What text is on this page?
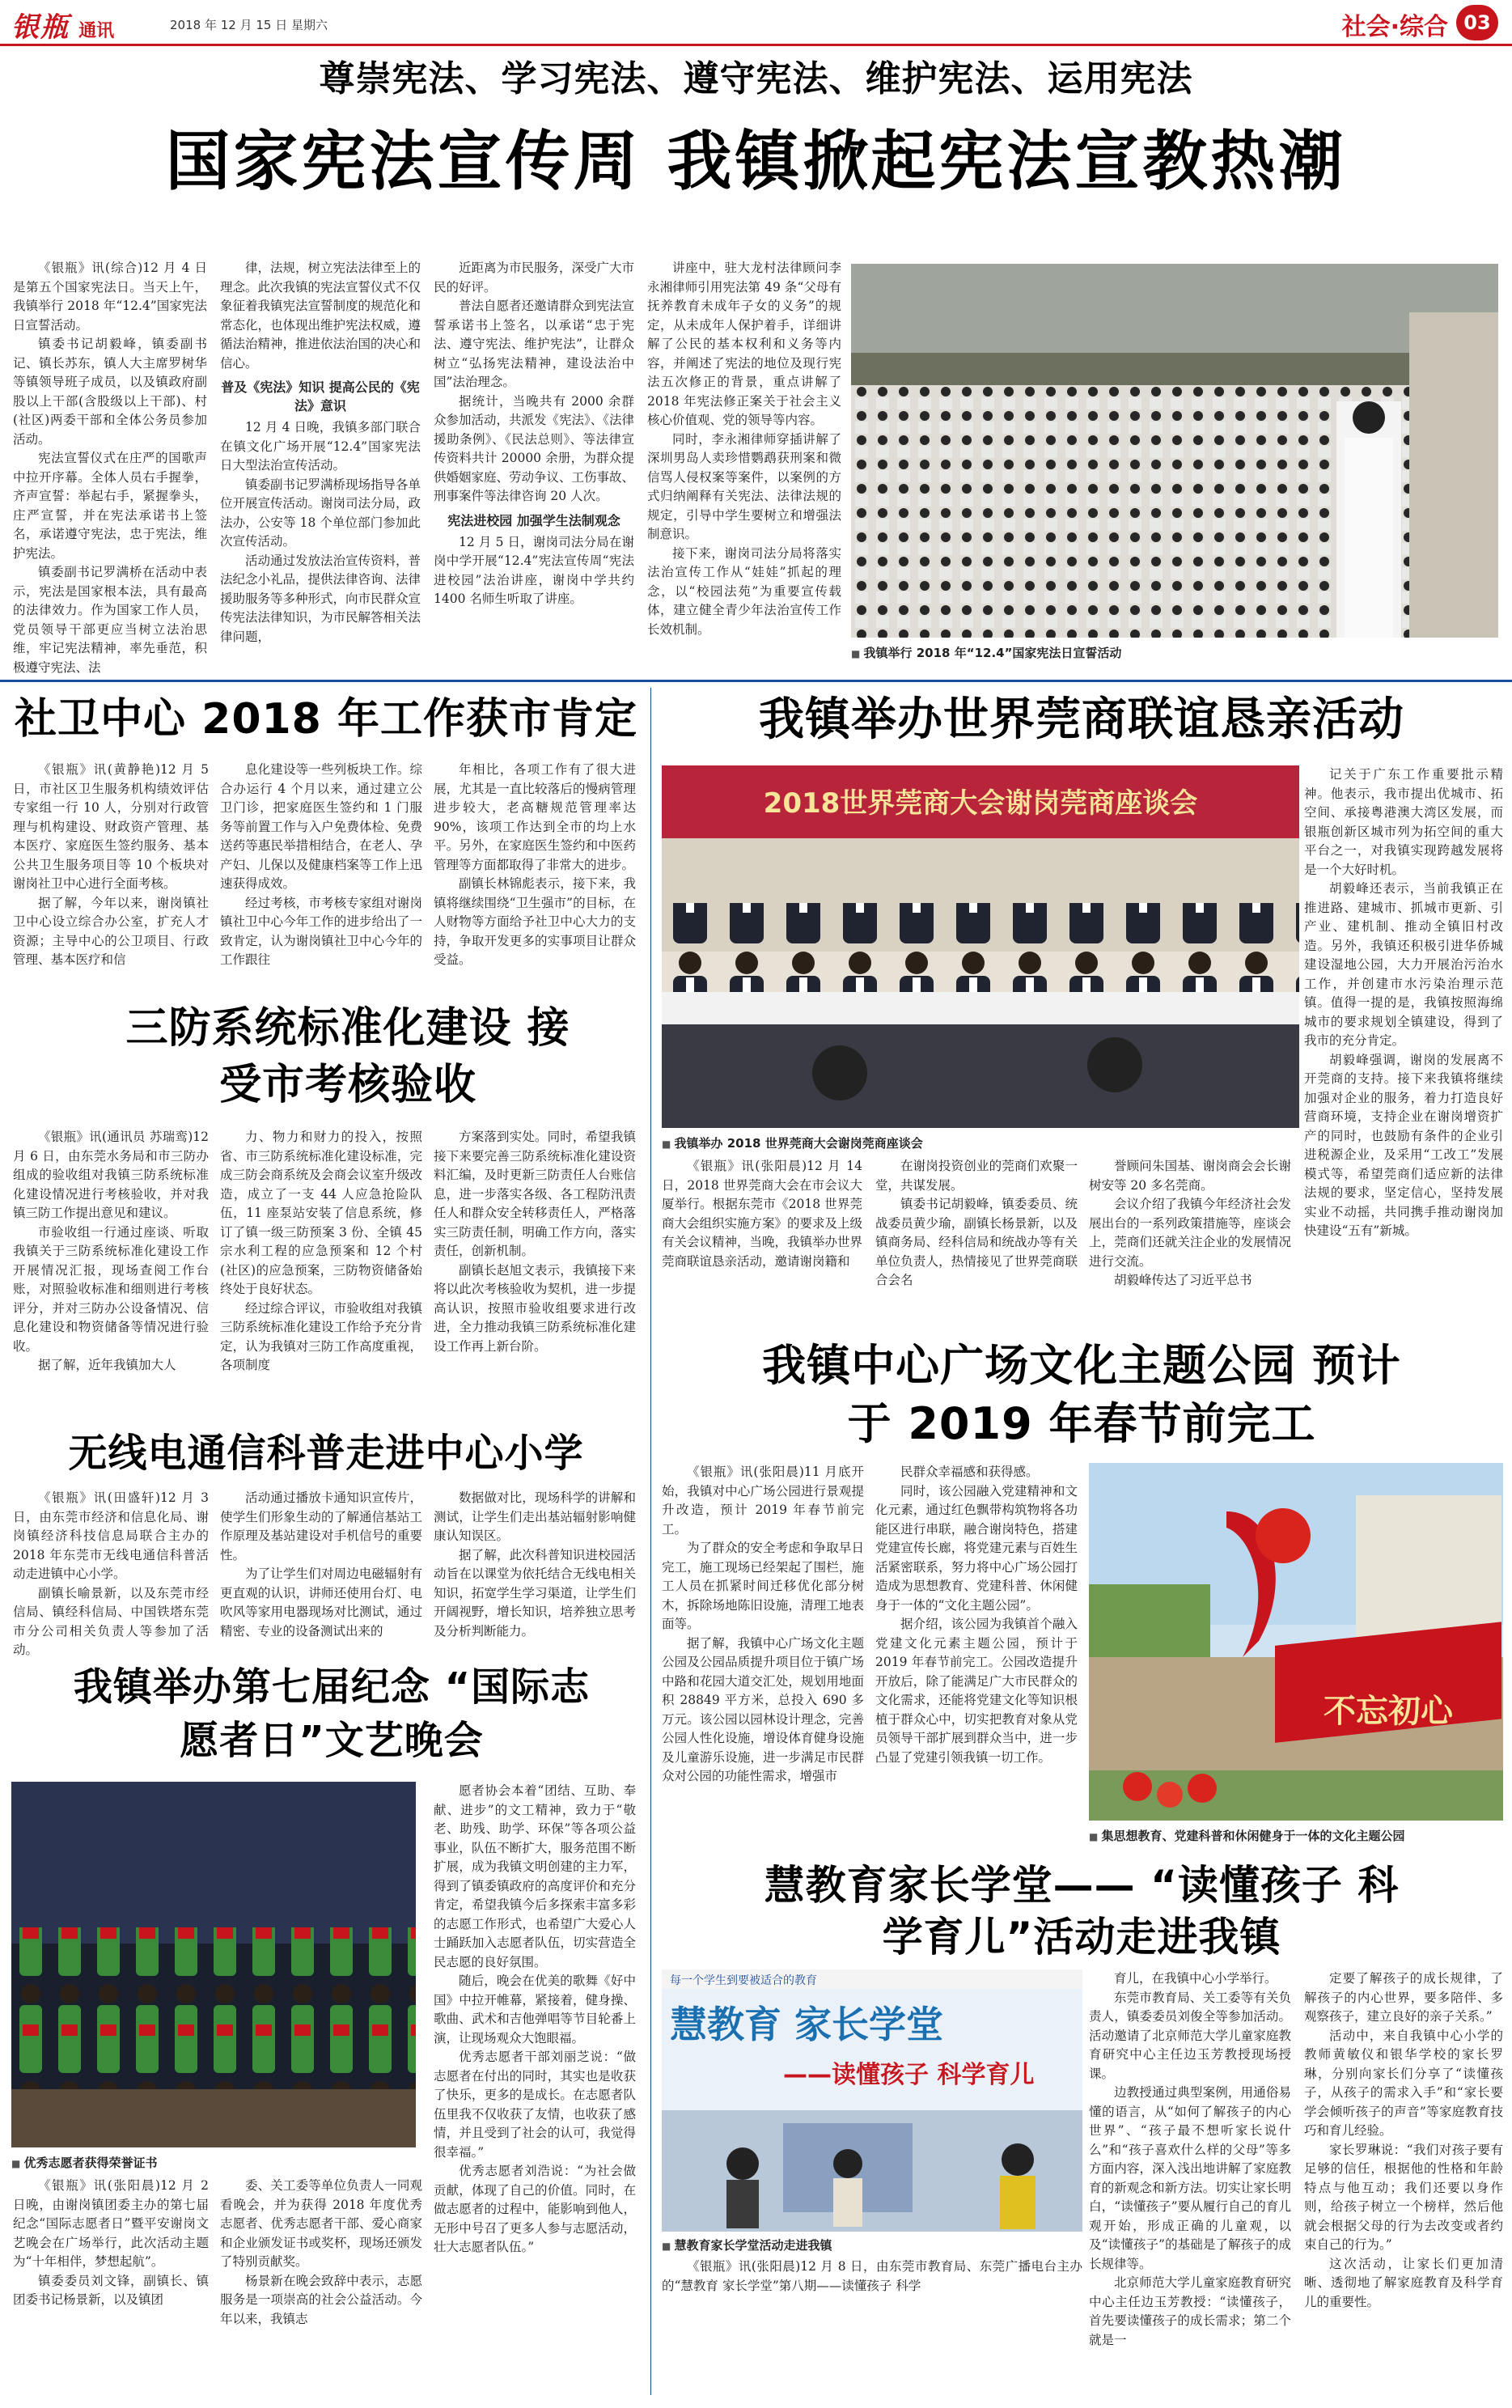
银瓶 通讯	2018 年 12 月 15 日 星期六	社会·综合 03
尊崇宪法、学习宪法、遵守宪法、维护宪法、运用宪法
国家宪法宣传周 我镇掀起宪法宣教热潮

《银瓶》讯(综合)12 月 4 日是第五个国家宪法日。当天上午，我镇举行 2018 年“12.4”国家宪法日宣誓活动。

镇委书记胡毅峰，镇委副书记、镇长苏东，镇人大主席罗树华等镇领导班子成员，以及镇政府副股以上干部(含股级以上干部)、村(社区)两委干部和全体公务员参加活动。

宪法宣誓仪式在庄严的国歌声中拉开序幕。全体人员右手握拳，齐声宣誓：举起右手，紧握拳头，庄严宣誓，并在宪法承诺书上签名，承诺遵守宪法，忠于宪法，维护宪法。

镇委副书记罗满桥在活动中表示，宪法是国家根本法，具有最高的法律效力。作为国家工作人员，党员领导干部更应当树立法治思维，牢记宪法精神，率先垂范，积极遵守宪法、法

律，法规，树立宪法法律至上的理念。此次我镇的宪法宣誓仪式不仅象征着我镇宪法宣誓制度的规范化和常态化，也体现出维护宪法权威，遵循法治精神，推进依法治国的决心和信心。

普及《宪法》知识 提高公民的《宪法》意识

12 月 4 日晚，我镇多部门联合在镇文化广场开展“12.4”国家宪法日大型法治宣传活动。

镇委副书记罗满桥现场指导各单位开展宣传活动。谢岗司法分局，政法办，公安等 18 个单位部门参加此次宣传活动。

活动通过发放法治宣传资料，普法纪念小礼品，提供法律咨询、法律援助服务等多种形式，向市民群众宣传宪法法律知识，为市民解答相关法律问题，

近距离为市民服务，深受广大市民的好评。

普法自愿者还邀请群众到宪法宣誓承诺书上签名，以承诺“忠于宪法、遵守宪法、维护宪法”，让群众树立“弘扬宪法精神，建设法治中国”法治理念。

据统计，当晚共有 2000 余群众参加活动，共派发《宪法》、《法律援助条例》、《民法总则》、等法律宣传资料共计 20000 余册，为群众提供婚姻家庭、劳动争议、工伤事故、刑事案件等法律咨询 20 人次。

宪法进校园 加强学生法制观念

12 月 5 日，谢岗司法分局在谢岗中学开展“12.4”宪法宣传周“宪法进校园”法治讲座，谢岗中学共约 1400 名师生听取了讲座。

讲座中，驻大龙村法律顾问李永湘律师引用宪法第 49 条“父母有抚养教育未成年子女的义务”的规定，从未成年人保护着手，详细讲解了公民的基本权利和义务等内容，并阐述了宪法的地位及现行宪法五次修正的背景，重点讲解了 2018 年宪法修正案关于社会主义核心价值观、党的领导等内容。

同时，李永湘律师穿插讲解了深圳男岛人卖珍惜鹦鹉获刑案和微信骂人侵权案等案件，以案例的方式归纳阐释有关宪法、法律法规的规定，引导中学生要树立和增强法制意识。

接下来，谢岗司法分局将落实法治宣传工作从“娃娃”抓起的理念，以“校园法苑”为重要宣传载体，建立健全青少年法治宣传工作长效机制。

■ 我镇举行 2018 年“12.4”国家宪法日宣誓活动
社卫中心 2018 年工作获市肯定

《银瓶》讯(黄静艳)12 月 5 日，市社区卫生服务机构绩效评估专家组一行 10 人，分别对行政管理与机构建设、财政资产管理、基本医疗、家庭医生签约服务、基本公共卫生服务项目等 10 个板块对谢岗社卫中心进行全面考核。

据了解，今年以来，谢岗镇社卫中心设立综合办公室，扩充人才资源；主导中心的公卫项目、行政管理、基本医疗和信

息化建设等一些列板块工作。综合办运行 4 个月以来，通过建立公卫门诊，把家庭医生签约和 1 门服务等前置工作与入户免费体检、免费送药等惠民举措相结合，在老人、孕产妇、儿保以及健康档案等工作上迅速获得成效。

经过考核，市考核专家组对谢岗镇社卫中心今年工作的进步给出了一致肯定，认为谢岗镇社卫中心今年的工作跟往

年相比，各项工作有了很大进展，尤其是一直比较落后的慢病管理进步较大，老高糖规范管理率达 90%，该项工作达到全市的均上水平。另外，在家庭医生签约和中医药管理等方面都取得了非常大的进步。

副镇长林锦彪表示，接下来，我镇将继续围绕“卫生强市”的目标，在人财物等方面给予社卫中心大力的支持，争取开发更多的实事项目让群众受益。

三防系统标准化建设 接受市考核验收

《银瓶》讯(通讯员 苏瑞鸾)12 月 6 日，由东莞水务局和市三防办组成的验收组对我镇三防系统标准化建设情况进行考核验收，并对我镇三防工作提出意见和建议。

市验收组一行通过座谈、听取我镇关于三防系统标准化建设工作开展情况汇报，现场查阅工作台账，对照验收标准和细则进行考核评分，并对三防办公设备情况、信息化建设和物资储备等情况进行验收。

据了解，近年我镇加大人

力、物力和财力的投入，按照省、市三防系统标准化建设标准，完成三防会商系统及会商会议室升级改造，成立了一支 44 人应急抢险队伍，11 座泵站安装了信息系统，修订了镇一级三防预案 3 份、全镇 45 宗水利工程的应急预案和 12 个村(社区)的应急预案，三防物资储备始终处于良好状态。

经过综合评议，市验收组对我镇三防系统标准化建设工作给予充分肯定，认为我镇对三防工作高度重视，各项制度

方案落到实处。同时，希望我镇接下来要完善三防系统标准化建设资料汇编，及时更新三防责任人台账信息，进一步落实各级、各工程防汛责任人和群众安全转移责任人，严格落实三防责任制，明确工作方向，落实责任，创新机制。

副镇长赵旭文表示，我镇接下来将以此次考核验收为契机，进一步提高认识，按照市验收组要求进行改进，全力推动我镇三防系统标准化建设工作再上新台阶。

无线电通信科普走进中心小学

《银瓶》讯(田盛轩)12 月 3 日，由东莞市经济和信息化局、谢岗镇经济科技信息局联合主办的 2018 年东莞市无线电通信科普活动走进镇中心小学。

副镇长喻景新，以及东莞市经信局、镇经科信局、中国铁塔东莞市分公司相关负责人等参加了活动。

活动通过播放卡通知识宣传片，使学生们形象生动的了解通信基站工作原理及基站建设对手机信号的重要性。

为了让学生们对周边电磁辐射有更直观的认识，讲师还使用台灯、电吹风等家用电器现场对比测试，通过精密、专业的设备测试出来的

数据做对比，现场科学的讲解和测试，让学生们走出基站辐射影响健康认知误区。

据了解，此次科普知识进校园活动旨在以课堂为依托结合无线电相关知识，拓宽学生学习渠道，让学生们开阔视野，增长知识，培养独立思考及分析判断能力。

我镇举办第七届纪念 “国际志愿者日”文艺晚会
■ 优秀志愿者获得荣誉证书

《银瓶》讯(张阳晨)12 月 2 日晚，由谢岗镇团委主办的第七届纪念“国际志愿者日”暨平安谢岗文艺晚会在广场举行，此次活动主题为“十年相伴，梦想起航”。

镇委委员刘文锋，副镇长、镇团委书记杨景新，以及镇团

委、关工委等单位负责人一同观看晚会，并为获得 2018 年度优秀志愿者、优秀志愿者干部、爱心商家和企业颁发证书或奖杯，现场还颁发了特别贡献奖。

杨景新在晚会致辞中表示，志愿服务是一项崇高的社会公益活动。今年以来，我镇志

愿者协会本着“团结、互助、奉献、进步”的文工精神，致力于“敬老、助残、助学、环保”等各项公益事业，队伍不断扩大，服务范围不断扩展，成为我镇文明创建的主力军，得到了镇委镇政府的高度评价和充分肯定，希望我镇今后多探索丰富多彩的志愿工作形式，也希望广大爱心人士踊跃加入志愿者队伍，切实营造全民志愿的良好氛围。

随后，晚会在优美的歌舞《好中国》中拉开帷幕，紧接着，健身操、歌曲、武术和吉他弹唱等节目轮番上演，让现场观众大饱眼福。

优秀志愿者干部刘丽芝说：“做志愿者在付出的同时，其实也是收获了快乐，更多的是成长。在志愿者队伍里我不仅收获了友情，也收获了感情，并且受到了社会的认可，我觉得很幸福。”

优秀志愿者刘浩说：“为社会做贡献，体现了自己的价值。同时，在做志愿者的过程中，能影响到他人，无形中号召了更多人参与志愿活动，壮大志愿者队伍。”

我镇举办世界莞商联谊恳亲活动
2018世界莞商大会谢岗莞商座谈会
■ 我镇举办 2018 世界莞商大会谢岗莞商座谈会

《银瓶》讯(张阳晨)12 月 14 日，2018 世界莞商大会在市会议大厦举行。根据东莞市《2018 世界莞商大会组织实施方案》的要求及上级有关会议精神，当晚，我镇举办世界莞商联谊恳亲活动，邀请谢岗籍和

在谢岗投资创业的莞商们欢聚一堂，共谋发展。

镇委书记胡毅峰，镇委委员、统战委员黄少瑜，副镇长杨景新，以及镇商务局、经科信局和统战办等有关单位负责人，热情接见了世界莞商联合会名

誉顾问朱国基、谢岗商会会长谢树安等 20 多名莞商。

会议介绍了我镇今年经济社会发展出台的一系列政策措施等，座谈会上，莞商们还就关注企业的发展情况进行交流。

胡毅峰传达了习近平总书

记关于广东工作重要批示精神。他表示，我市提出优城市、拓空间、承接粤港澳大湾区发展，而银瓶创新区城市列为拓空间的重大平台之一，对我镇实现跨越发展将是一个大好时机。

胡毅峰还表示，当前我镇正在推进路、建城市、抓城市更新、引产业、建机制、推动全镇旧村改造。另外，我镇还积极引进华侨城建设湿地公园，大力开展治污治水工作，并创建市水污染治理示范镇。值得一提的是，我镇按照海绵城市的要求规划全镇建设，得到了我市的充分肯定。

胡毅峰强调，谢岗的发展离不开莞商的支持。接下来我镇将继续加强对企业的服务，着力打造良好营商环境，支持企业在谢岗增资扩产的同时，也鼓励有条件的企业引进税源企业，及采用“工改工”发展模式等，希望莞商们适应新的法律法规的要求，坚定信心，坚持发展实业不动摇，共同携手推动谢岗加快建设“五有”新城。

我镇中心广场文化主题公园 预计于 2019 年春节前完工

《银瓶》讯(张阳晨)11 月底开始，我镇对中心广场公园进行景观提升改造，预计 2019 年春节前完工。

为了群众的安全考虑和争取早日完工，施工现场已经架起了围栏，施工人员在抓紧时间迁移优化部分树木，拆除场地陈旧设施，清理工地表面等。

据了解，我镇中心广场文化主题公园及公园品质提升项目位于镇广场中路和花园大道交汇处，规划用地面积 28849 平方米，总投入 690 多万元。该公园以园林设计理念，完善公园人性化设施，增设体育健身设施及儿童游乐设施，进一步满足市民群众对公园的功能性需求，增强市

民群众幸福感和获得感。

同时，该公园融入党建精神和文化元素，通过红色飘带构筑物将各功能区进行串联，融合谢岗特色，搭建党建宣传长廊，将党建元素与百姓生活紧密联系，努力将中心广场公园打造成为思想教育、党建科普、休闲健身于一体的“文化主题公园”。

据介绍，该公园为我镇首个融入党建文化元素主题公园，预计于 2019 年春节前完工。公园改造提升开放后，除了能满足广大市民群众的文化需求，还能将党建文化等知识根植于群众心中，切实把教育对象从党员领导干部扩展到群众当中，进一步凸显了党建引领我镇一切工作。

不忘初心
■ 集思想教育、党建科普和休闲健身于一体的文化主题公园
慧教育家长学堂—— “读懂孩子 科学育儿”活动走进我镇
每一个学生到要被适合的教育
慧教育 家长学堂
——读懂孩子 科学育儿
■ 慧教育家长学堂活动走进我镇

《银瓶》讯(张阳晨)12 月 8 日，由东莞市教育局、东莞广播电台主办的“慧教育 家长学堂”第八期——读懂孩子 科学

育儿，在我镇中心小学举行。

东莞市教育局、关工委等有关负责人，镇委委员刘俊全等参加活动。活动邀请了北京师范大学儿童家庭教育研究中心主任边玉芳教授现场授课。

边教授通过典型案例，用通俗易懂的语言，从“如何了解孩子的内心世界”、“孩子最不想听家长说什么”和“孩子喜欢什么样的父母”等多方面内容，深入浅出地讲解了家庭教育的新观念和新方法。切实让家长明白，“读懂孩子”要从履行自己的育儿观开始，形成正确的儿童观，以及“读懂孩子”的基础是了解孩子的成长规律等。

北京师范大学儿童家庭教育研究中心主任边玉芳教授：“读懂孩子，首先要读懂孩子的成长需求；第二个就是一

定要了解孩子的成长规律，了解孩子的内心世界，要多陪伴、多观察孩子，建立良好的亲子关系。”

活动中，来自我镇中心小学的教师黄敏仪和银华学校的家长罗琳，分别向家长们分享了“读懂孩子，从孩子的需求入手”和“家长要学会倾听孩子的声音”等家庭教育技巧和育儿经验。

家长罗琳说：“我们对孩子要有足够的信任，根据他的性格和年龄特点与他互动；我们还要以身作则，给孩子树立一个榜样，然后他就会根据父母的行为去改变或者约束自己的行为。”

这次活动，让家长们更加清晰、透彻地了解家庭教育及科学育儿的重要性。
